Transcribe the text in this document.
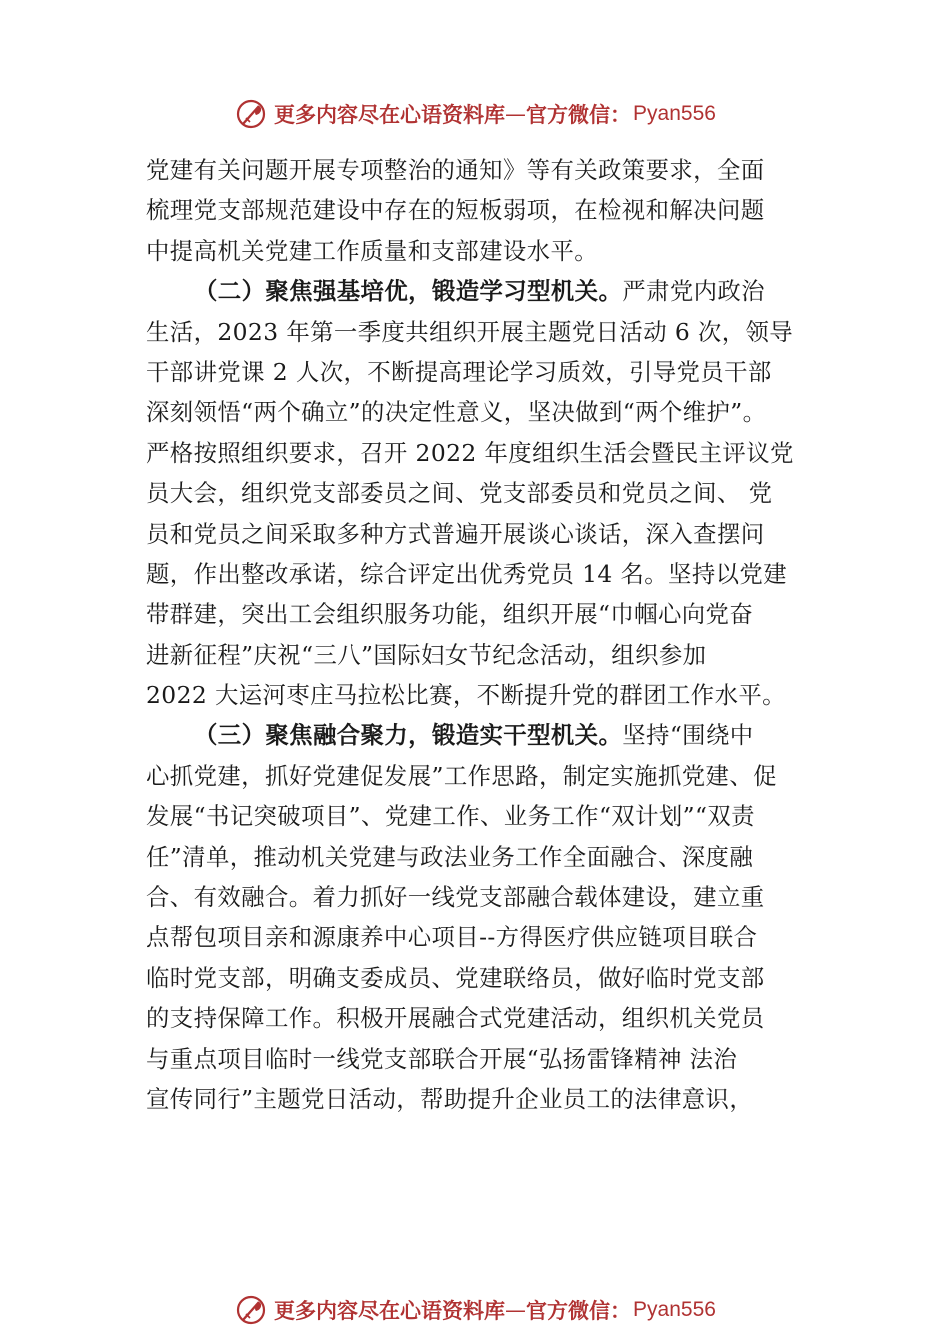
更多内容尽在心语资料库 — 官方微信： Pyan556
党建有关问题开展专项整治的通知》等有关政策要求，全面
梳理党支部规范建设中存在的短板弱项，在检视和解决问题
中提高机关党建工作质量和支部建设水平。
（二）聚焦强基培优，锻造学习型机关。严肃党内政治
生活，2023 年第一季度共组织开展主题党日活动 6 次，领导
干部讲党课 2 人次，不断提高理论学习质效，引导党员干部
深刻领悟“两个确立”的决定性意义，坚决做到“两个维护”。
严格按照组织要求，召开 2022 年度组织生活会暨民主评议党
员大会，组织党支部委员之间、党支部委员和党员之间、 党
员和党员之间采取多种方式普遍开展谈心谈话，深入查摆问
题，作出整改承诺，综合评定出优秀党员 14 名。坚持以党建
带群建，突出工会组织服务功能，组织开展“巾帼心向党奋
进新征程”庆祝“三八”国际妇女节纪念活动，组织参加
2022 大运河枣庄马拉松比赛，不断提升党的群团工作水平。
（三）聚焦融合聚力，锻造实干型机关。坚持“围绕中
心抓党建，抓好党建促发展”工作思路，制定实施抓党建、促
发展“书记突破项目”、党建工作、业务工作“双计划”“双责
任”清单，推动机关党建与政法业务工作全面融合、深度融
合、有效融合。着力抓好一线党支部融合载体建设，建立重
点帮包项目亲和源康养中心项目--方得医疗供应链项目联合
临时党支部，明确支委成员、党建联络员，做好临时党支部
的支持保障工作。积极开展融合式党建活动，组织机关党员
与重点项目临时一线党支部联合开展“弘扬雷锋精神 法治
宣传同行”主题党日活动，帮助提升企业员工的法律意识，
更多内容尽在心语资料库 — 官方微信： Pyan556
